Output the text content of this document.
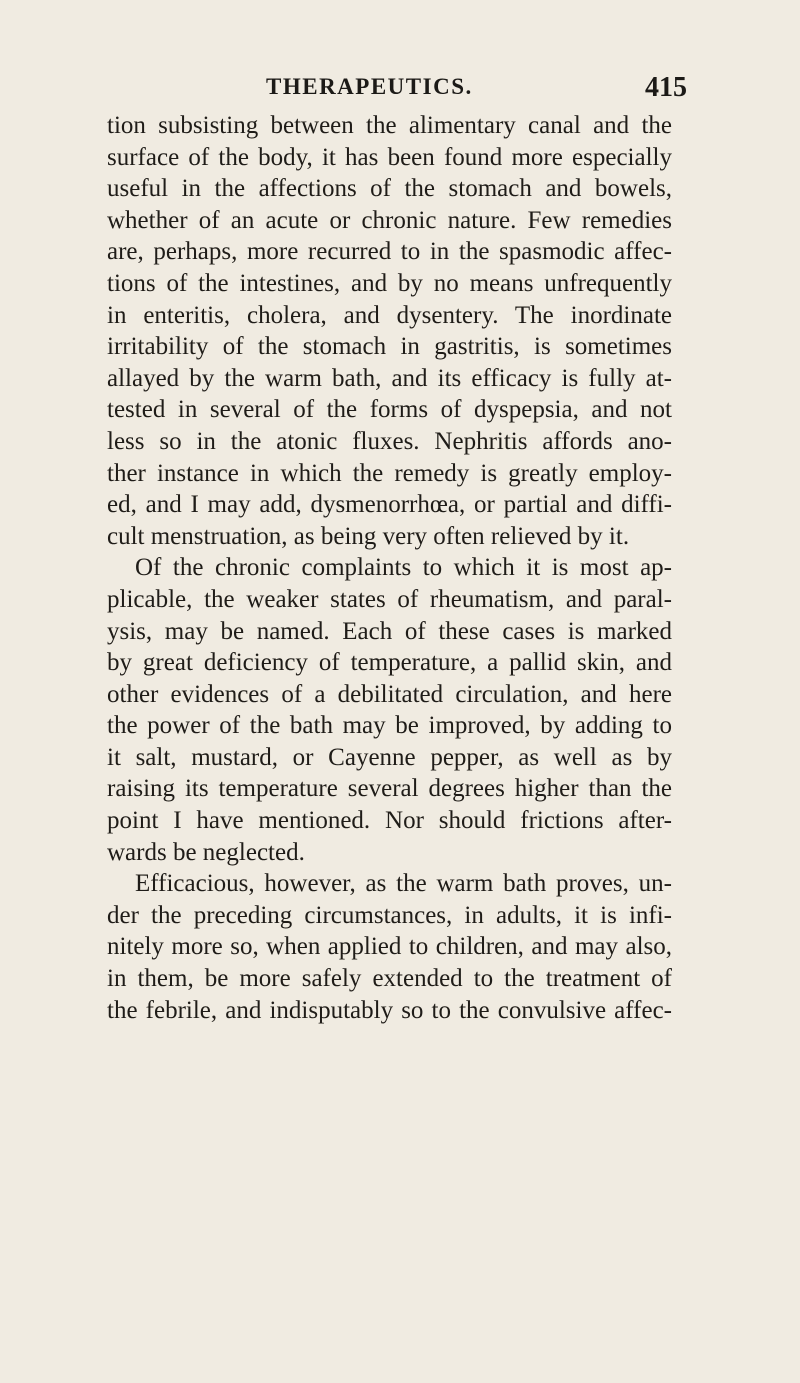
THERAPEUTICS.	415
tion subsisting between the alimentary canal and the
surface of the body, it has been found more especially
useful in the affections of the stomach and bowels,
whether of an acute or chronic nature. Few remedies
are, perhaps, more recurred to in the spasmodic affec-
tions of the intestines, and by no means unfrequently
in enteritis, cholera, and dysentery. The inordinate
irritability of the stomach in gastritis, is sometimes
allayed by the warm bath, and its efficacy is fully at-
tested in several of the forms of dyspepsia, and not
less so in the atonic fluxes. Nephritis affords ano-
ther instance in which the remedy is greatly employ-
ed, and I may add, dysmenorrhœa, or partial and diffi-
cult menstruation, as being very often relieved by it.
Of the chronic complaints to which it is most ap-
plicable, the weaker states of rheumatism, and paral-
ysis, may be named. Each of these cases is marked
by great deficiency of temperature, a pallid skin, and
other evidences of a debilitated circulation, and here
the power of the bath may be improved, by adding to
it salt, mustard, or Cayenne pepper, as well as by
raising its temperature several degrees higher than the
point I have mentioned. Nor should frictions after-
wards be neglected.
Efficacious, however, as the warm bath proves, un-
der the preceding circumstances, in adults, it is infi-
nitely more so, when applied to children, and may also,
in them, be more safely extended to the treatment of
the febrile, and indisputably so to the convulsive affec-
